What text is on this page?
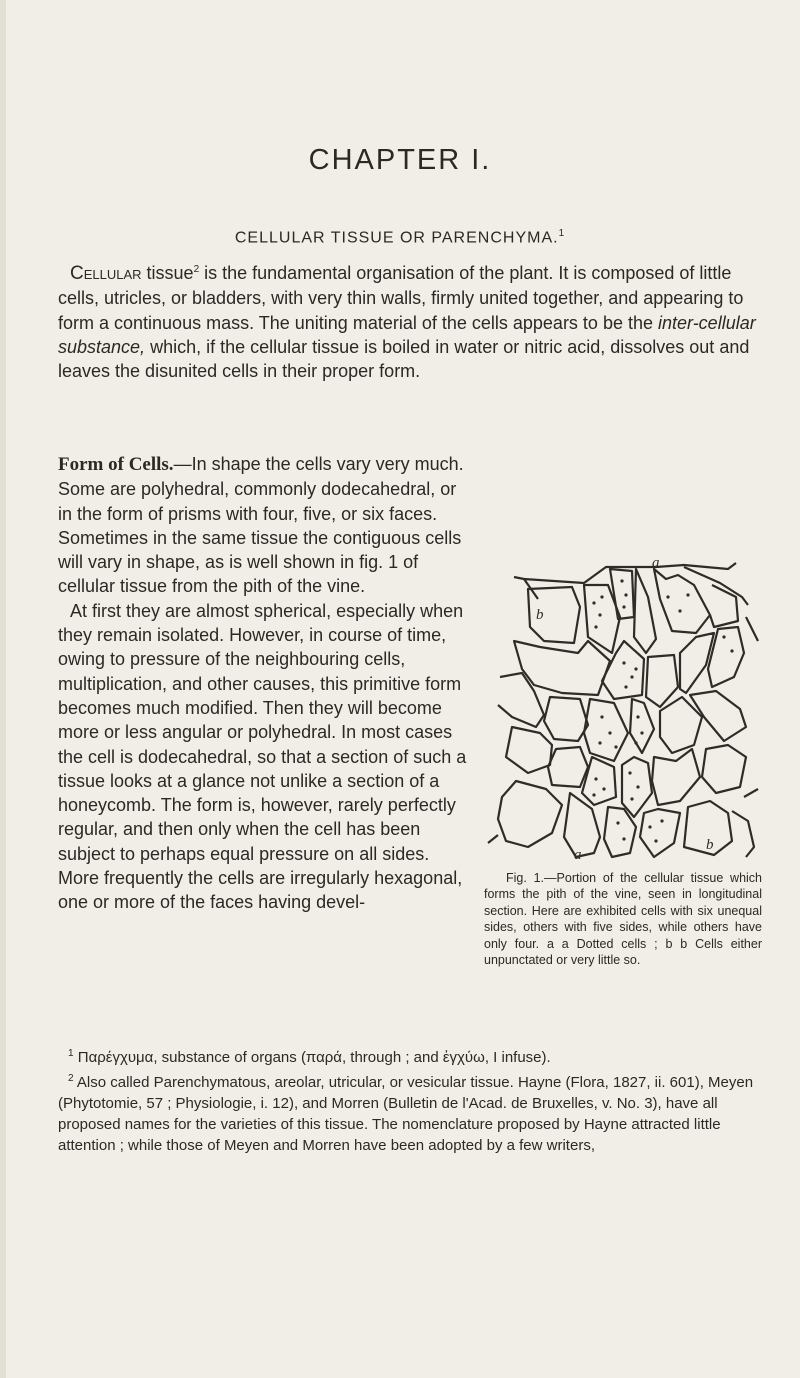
CHAPTER I.
CELLULAR TISSUE OR PARENCHYMA.$^1$
Cellular tissue$^2$ is the fundamental organisation of the plant. It is composed of little cells, utricles, or bladders, with very thin walls, firmly united together, and appearing to form a continuous mass. The uniting material of the cells appears to be the inter-cellular substance, which, if the cellular tissue is boiled in water or nitric acid, dissolves out and leaves the disunited cells in their proper form.
Form of Cells.—In shape the cells vary very much. Some are polyhedral, commonly dodecahedral, or in the form of prisms with four, five, or six faces. Sometimes in the same tissue the contiguous cells will vary in shape, as is well shown in fig. 1 of cellular tissue from the pith of the vine.
At first they are almost spherical, especially when they remain isolated. However, in course of time, owing to pressure of the neighbouring cells, multiplication, and other causes, this primitive form becomes much modified. Then they will become more or less angular or polyhedral. In most cases the cell is dodecahedral, so that a section of such a tissue looks at a glance not unlike a section of a honeycomb. The form is, however, rarely perfectly regular, and then only when the cell has been subject to perhaps equal pressure on all sides. More frequently the cells are irregularly hexagonal, one or more of the faces having devel-
a
b
a
b
Fig. 1.—Portion of the cellular tissue which forms the pith of the vine, seen in longitudinal section. Here are exhibited cells with six unequal sides, others with five sides, while others have only four. a a Dotted cells ; b b Cells either unpunctated or very little so.

$^1$ Παρέγχυμα, substance of organs (παρά, through ; and ἐγχύω, I infuse).

$^2$ Also called Parenchymatous, areolar, utricular, or vesicular tissue. Hayne (Flora, 1827, ii. 601), Meyen (Phytotomie, 57 ; Physiologie, i. 12), and Morren (Bulletin de l'Acad. de Bruxelles, v. No. 3), have all proposed names for the varieties of this tissue. The nomenclature proposed by Hayne attracted little attention ; while those of Meyen and Morren have been adopted by a few writers,
